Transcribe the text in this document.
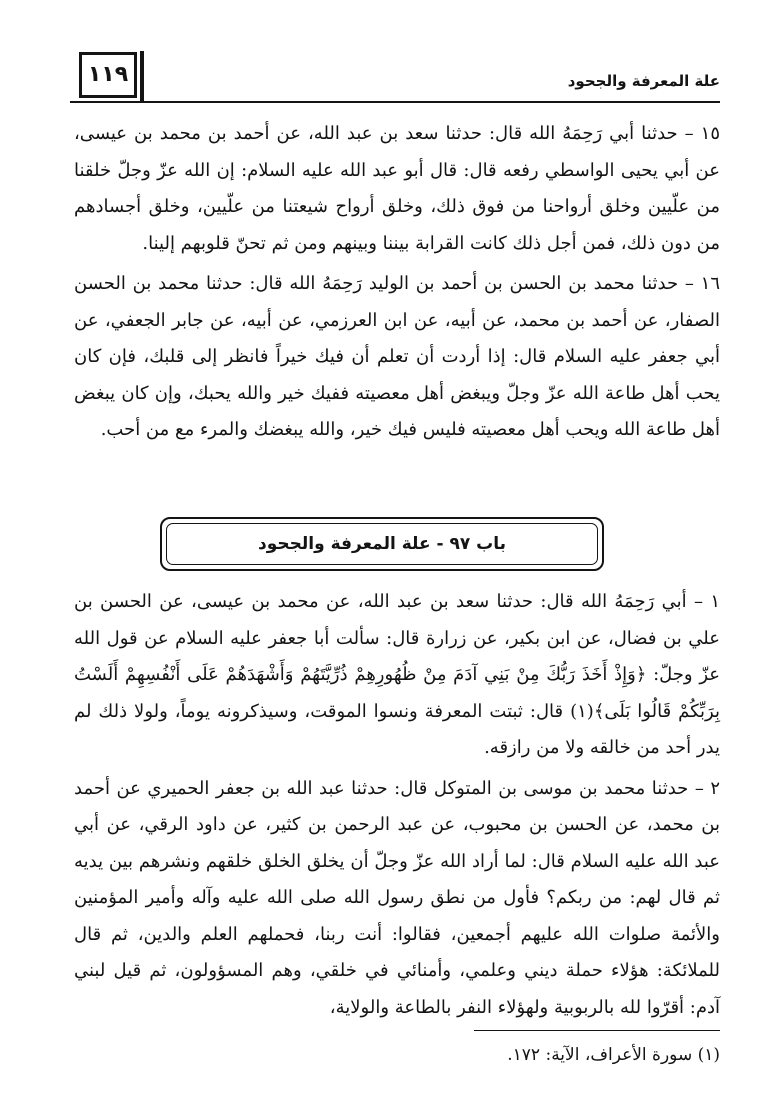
١١٩	علة المعرفة والجحود

١٥ – حدثنا أبي رَحِمَهُ الله قال: حدثنا سعد بن عبد الله، عن أحمد بن محمد بن عيسى، عن أبي يحيى الواسطي رفعه قال: قال أبو عبد الله عليه السلام: إن الله عزّ وجلّ خلقنا من علّيين وخلق أرواحنا من فوق ذلك، وخلق أرواح شيعتنا من علّيين، وخلق أجسادهم من دون ذلك، فمن أجل ذلك كانت القرابة بيننا وبينهم ومن ثم تحنّ قلوبهم إلينا.

١٦ – حدثنا محمد بن الحسن بن أحمد بن الوليد رَحِمَهُ الله قال: حدثنا محمد بن الحسن الصفار، عن أحمد بن محمد، عن أبيه، عن ابن العرزمي، عن أبيه، عن جابر الجعفي، عن أبي جعفر عليه السلام قال: إذا أردت أن تعلم أن فيك خيراً فانظر إلى قلبك، فإن كان يحب أهل طاعة الله عزّ وجلّ ويبغض أهل معصيته ففيك خير والله يحبك، وإن كان يبغض أهل طاعة الله ويحب أهل معصيته فليس فيك خير، والله يبغضك والمرء مع من أحب.

باب ٩٧ - علة المعرفة والجحود

١ – أبي رَحِمَهُ الله قال: حدثنا سعد بن عبد الله، عن محمد بن عيسى، عن الحسن بن علي بن فضال، عن ابن بكير، عن زرارة قال: سألت أبا جعفر عليه السلام عن قول الله عزّ وجلّ: ﴿وَإِذْ أَخَذَ رَبُّكَ مِنْ بَنِي آدَمَ مِنْ ظُهُورِهِمْ ذُرِّيَّتَهُمْ وَأَشْهَدَهُمْ عَلَى أَنْفُسِهِمْ أَلَسْتُ بِرَبِّكُمْ قَالُوا بَلَى﴾(١) قال: ثبتت المعرفة ونسوا الموقت، وسيذكرونه يوماً، ولولا ذلك لم يدر أحد من خالقه ولا من رازقه.

٢ – حدثنا محمد بن موسى بن المتوكل قال: حدثنا عبد الله بن جعفر الحميري عن أحمد بن محمد، عن الحسن بن محبوب، عن عبد الرحمن بن كثير، عن داود الرقي، عن أبي عبد الله عليه السلام قال: لما أراد الله عزّ وجلّ أن يخلق الخلق خلقهم ونشرهم بين يديه ثم قال لهم: من ربكم؟ فأول من نطق رسول الله صلى الله عليه وآله وأمير المؤمنين والأئمة صلوات الله عليهم أجمعين، فقالوا: أنت ربنا، فحملهم العلم والدين، ثم قال للملائكة: هؤلاء حملة ديني وعلمي، وأمنائي في خلقي، وهم المسؤولون، ثم قيل لبني آدم: أقرّوا لله بالربوبية ولهؤلاء النفر بالطاعة والولاية،

(١) سورة الأعراف، الآية: ١٧٢.
